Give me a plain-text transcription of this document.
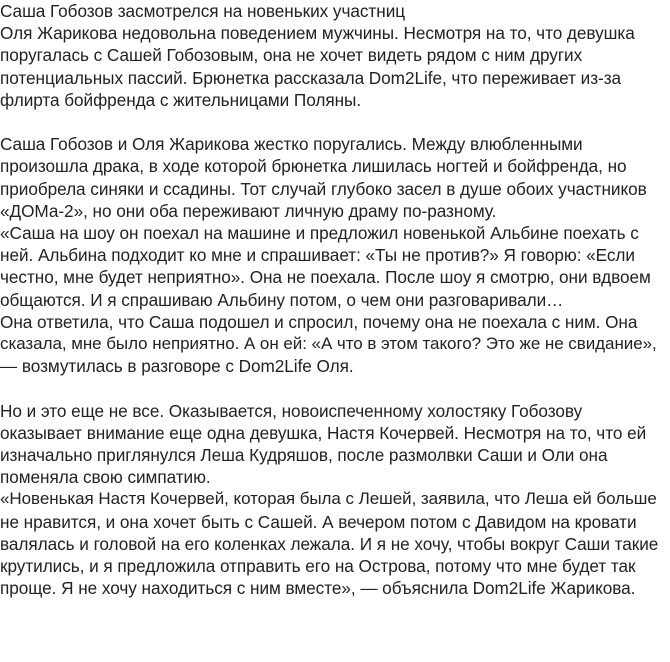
Саша Гобозов засмотрелся на новеньких участниц
Оля Жарикова недовольна поведением мужчины. Несмотря на то, что девушка
поругалась с Сашей Гобозовым, она не хочет видеть рядом с ним других
потенциальных пассий. Брюнетка рассказала Dom2Life, что переживает из-за
флирта бойфренда с жительницами Поляны.
Саша Гобозов и Оля Жарикова жестко поругались. Между влюбленными
произошла драка, в ходе которой брюнетка лишилась ногтей и бойфренда, но
приобрела синяки и ссадины. Тот случай глубоко засел в душе обоих участников
«ДОМа-2», но они оба переживают личную драму по-разному.
«Саша на шоу он поехал на машине и предложил новенькой Альбине поехать с
ней. Альбина подходит ко мне и спрашивает: «Ты не против?» Я говорю: «Если
честно, мне будет неприятно». Она не поехала. После шоу я смотрю, они вдвоем
общаются. И я спрашиваю Альбину потом, о чем они разговаривали…
Она ответила, что Саша подошел и спросил, почему она не поехала с ним. Она
сказала, мне было неприятно. А он ей: «А что в этом такого? Это же не свидание»,
— возмутилась в разговоре с Dom2Life Оля.
Но и это еще не все. Оказывается, новоиспеченному холостяку Гобозову
оказывает внимание еще одна девушка, Настя Кочервей. Несмотря на то, что ей
изначально приглянулся Леша Кудряшов, после размолвки Саши и Оли она
поменяла свою симпатию.
«Новенькая Настя Кочервей, которая была с Лешей, заявила, что Леша ей больше
не нравится, и она хочет быть с Сашей. А вечером потом с Давидом на кровати
валялась и головой на его коленках лежала. И я не хочу, чтобы вокруг Саши такие
крутились, и я предложила отправить его на Острова, потому что мне будет так
проще. Я не хочу находиться с ним вместе», — объяснила Dom2Life Жарикова.
